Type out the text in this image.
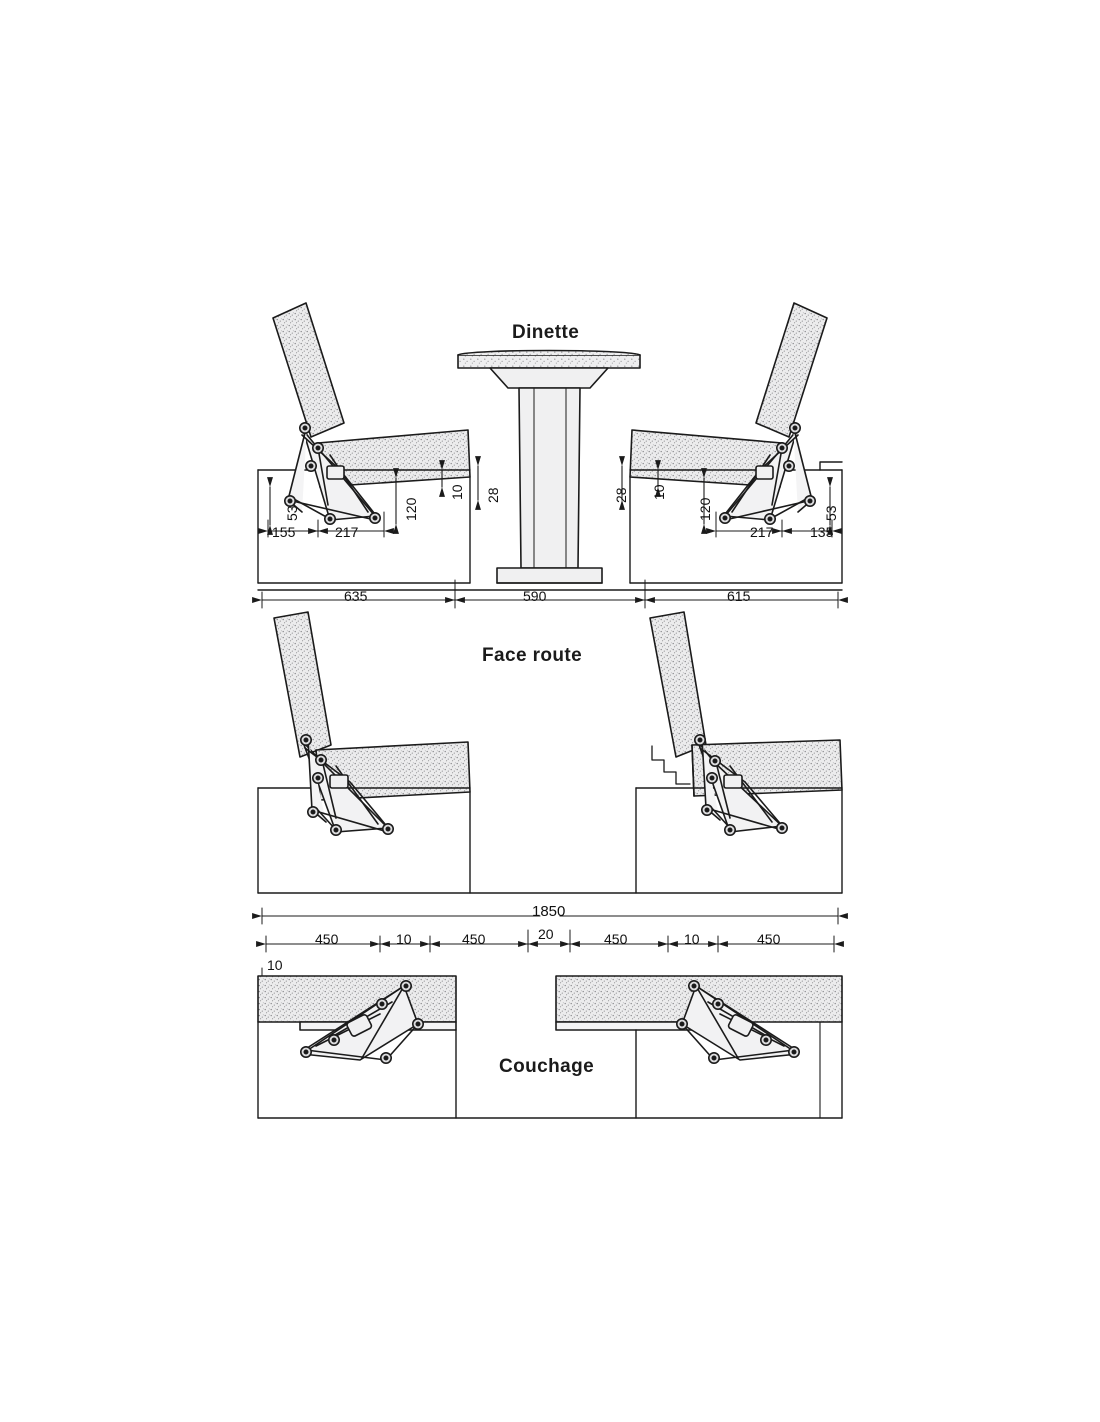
Dinette
Face route
Couchage
53
155	217
120
10 28	28 10
120
217	135
53
635	590	615
1850
450	10	450	20	450	10	450
10
